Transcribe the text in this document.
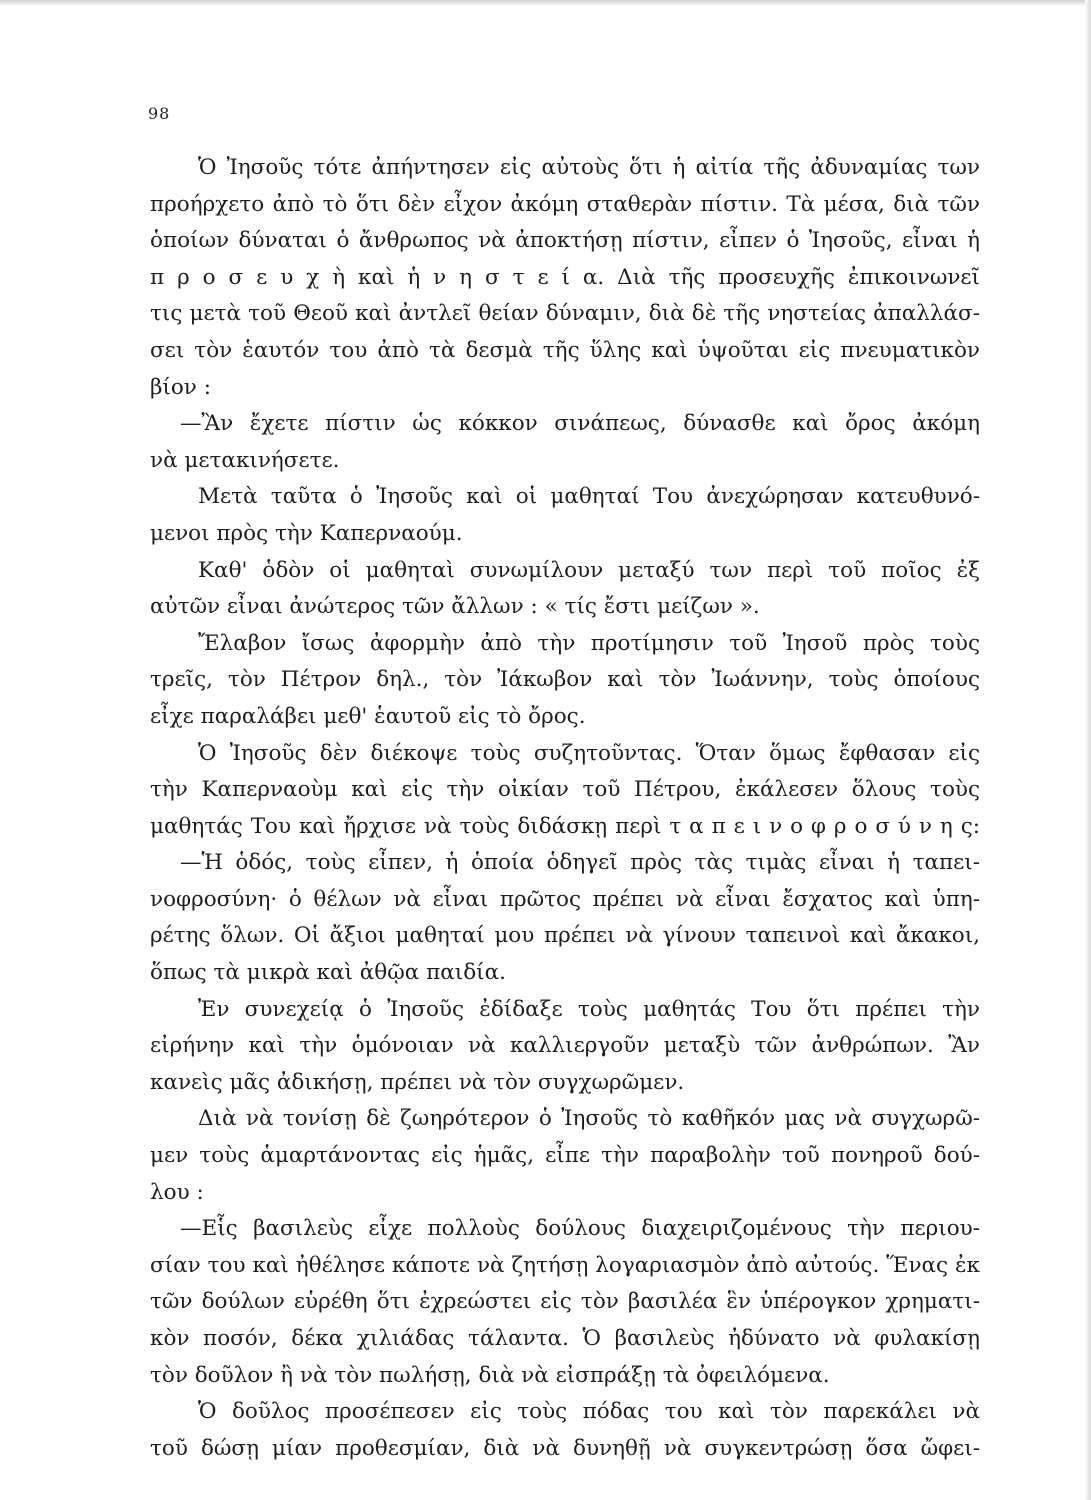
98
Ὁ Ἰησοῦς τότε ἀπήντησεν εἰς αὐτοὺς ὅτι ἡ αἰτία τῆς ἀδυναμίας των
προήρχετο ἀπὸ τὸ ὅτι δὲν εἶχον ἀκόμη σταθερὰν πίστιν. Τὰ μέσα, διὰ τῶν
ὁποίων δύναται ὁ ἄνθρωπος νὰ ἀποκτήσῃ πίστιν, εἶπεν ὁ Ἰησοῦς, εἶναι ἡ
π ρ ο σ ε υ χ ὴ καὶ ἡ ν η σ τ ε ί α. Διὰ τῆς προσευχῆς ἐπικοινωνεῖ
τις μετὰ τοῦ Θεοῦ καὶ ἀντλεῖ θείαν δύναμιν, διὰ δὲ τῆς νηστείας ἀπαλλάσ-
σει τὸν ἑαυτόν του ἀπὸ τὰ δεσμὰ τῆς ὕλης καὶ ὑψοῦται εἰς πνευματικὸν
βίον :
—Ἂν ἔχετε πίστιν ὡς κόκκον σινάπεως, δύνασθε καὶ ὄρος ἀκόμη
νὰ μετακινήσετε.
Μετὰ ταῦτα ὁ Ἰησοῦς καὶ οἱ μαθηταί Του ἀνεχώρησαν κατευθυνό-
μενοι πρὸς τὴν Καπερναούμ.
Καθ' ὁδὸν οἱ μαθηταὶ συνωμίλουν μεταξύ των περὶ τοῦ ποῖος ἐξ
αὐτῶν εἶναι ἀνώτερος τῶν ἄλλων : « τίς ἔστι μείζων ».
Ἔλαβον ἴσως ἀφορμὴν ἀπὸ τὴν προτίμησιν τοῦ Ἰησοῦ πρὸς τοὺς
τρεῖς, τὸν Πέτρον δηλ., τὸν Ἰάκωβον καὶ τὸν Ἰωάννην, τοὺς ὁποίους
εἶχε παραλάβει μεθ' ἑαυτοῦ εἰς τὸ ὄρος.
Ὁ Ἰησοῦς δὲν διέκοψε τοὺς συζητοῦντας. Ὅταν ὅμως ἔφθασαν εἰς
τὴν Καπερναοὺμ καὶ εἰς τὴν οἰκίαν τοῦ Πέτρου, ἐκάλεσεν ὅλους τοὺς
μαθητάς Του καὶ ἤρχισε νὰ τοὺς διδάσκῃ περὶ τ α π ε ι ν ο φ ρ ο σ ύ ν η ς:
—Ἡ ὁδός, τοὺς εἶπεν, ἡ ὁποία ὁδηγεῖ πρὸς τὰς τιμὰς εἶναι ἡ ταπει-
νοφροσύνη· ὁ θέλων νὰ εἶναι πρῶτος πρέπει νὰ εἶναι ἔσχατος καὶ ὑπη-
ρέτης ὅλων. Οἱ ἄξιοι μαθηταί μου πρέπει νὰ γίνουν ταπεινοὶ καὶ ἄκακοι,
ὅπως τὰ μικρὰ καὶ ἀθῷα παιδία.
Ἐν συνεχείᾳ ὁ Ἰησοῦς ἐδίδαξε τοὺς μαθητάς Του ὅτι πρέπει τὴν
εἰρήνην καὶ τὴν ὁμόνοιαν νὰ καλλιεργοῦν μεταξὺ τῶν ἀνθρώπων. Ἂν
κανεὶς μᾶς ἀδικήσῃ, πρέπει νὰ τὸν συγχωρῶμεν.
Διὰ νὰ τονίσῃ δὲ ζωηρότερον ὁ Ἰησοῦς τὸ καθῆκόν μας νὰ συγχωρῶ-
μεν τοὺς ἁμαρτάνοντας εἰς ἡμᾶς, εἶπε τὴν παραβολὴν τοῦ πονηροῦ δού-
λου :
—Εἷς βασιλεὺς εἶχε πολλοὺς δούλους διαχειριζομένους τὴν περιου-
σίαν του καὶ ἠθέλησε κάποτε νὰ ζητήσῃ λογαριασμὸν ἀπὸ αὐτούς. Ἕνας ἐκ
τῶν δούλων εὑρέθη ὅτι ἐχρεώστει εἰς τὸν βασιλέα ἓν ὑπέρογκον χρηματι-
κὸν ποσόν, δέκα χιλιάδας τάλαντα. Ὁ βασιλεὺς ἠδύνατο νὰ φυλακίσῃ
τὸν δοῦλον ἢ νὰ τὸν πωλήσῃ, διὰ νὰ εἰσπράξῃ τὰ ὀφειλόμενα.
Ὁ δοῦλος προσέπεσεν εἰς τοὺς πόδας του καὶ τὸν παρεκάλει νὰ
τοῦ δώσῃ μίαν προθεσμίαν, διὰ νὰ δυνηθῇ νὰ συγκεντρώσῃ ὅσα ὤφει-
